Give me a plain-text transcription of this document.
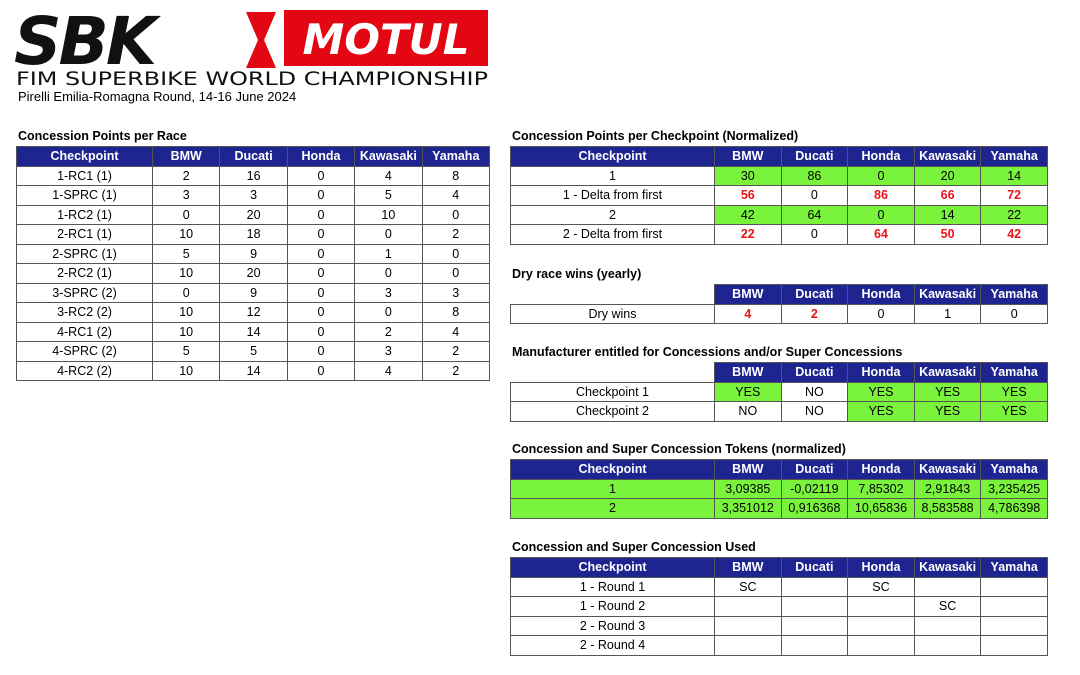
SBK	MOTUL
FIM SUPERBIKE WORLD CHAMPIONSHIP
Pirelli Emilia-Romagna Round, 14-16 June 2024
Concession Points per Race
Checkpoint	BMW	Ducati	Honda	Kawasaki	Yamaha
1-RC1 (1)	2	16	0	4	8
1-SPRC (1)	3	3	0	5	4
1-RC2 (1)	0	20	0	10	0
2-RC1 (1)	10	18	0	0	2
2-SPRC (1)	5	9	0	1	0
2-RC2 (1)	10	20	0	0	0
3-SPRC (2)	0	9	0	3	3
3-RC2 (2)	10	12	0	0	8
4-RC1 (2)	10	14	0	2	4
4-SPRC (2)	5	5	0	3	2
4-RC2 (2)	10	14	0	4	2
Concession Points per Checkpoint (Normalized)
Checkpoint	BMW	Ducati	Honda	Kawasaki	Yamaha
1	30	86	0	20	14
1 - Delta from first	56	0	86	66	72
2	42	64	0	14	22
2 - Delta from first	22	0	64	50	42
Dry race wins (yearly)
	BMW	Ducati	Honda	Kawasaki	Yamaha
Dry wins	4	2	0	1	0
Manufacturer entitled for Concessions and/or Super Concessions
	BMW	Ducati	Honda	Kawasaki	Yamaha
Checkpoint 1	YES	NO	YES	YES	YES
Checkpoint 2	NO	NO	YES	YES	YES
Concession and Super Concession Tokens (normalized)
Checkpoint	BMW	Ducati	Honda	Kawasaki	Yamaha
1	3,09385	-0,02119	7,85302	2,91843	3,235425
2	3,351012	0,916368	10,65836	8,583588	4,786398
Concession and Super Concession Used
Checkpoint	BMW	Ducati	Honda	Kawasaki	Yamaha
1 - Round 1	SC		SC		
1 - Round 2				SC	
2 - Round 3					
2 - Round 4					
